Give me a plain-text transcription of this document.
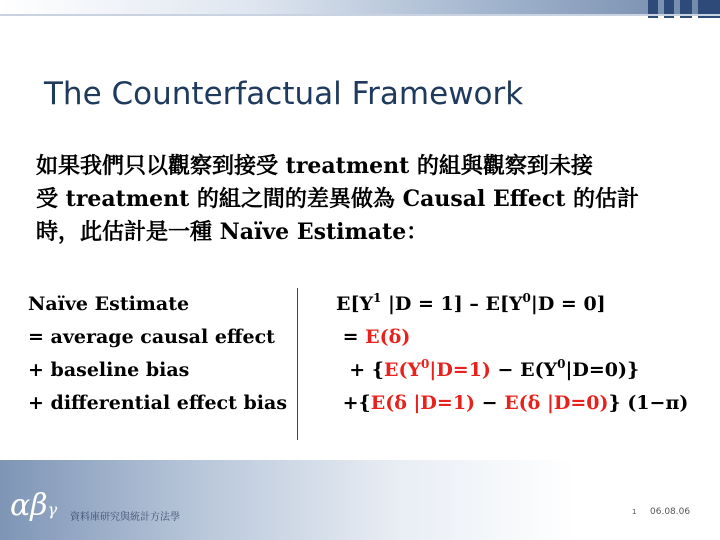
The Counterfactual Framework
如果我們只以觀察到接受 treatment 的組與觀察到未接
受 treatment 的組之間的差異做為 Causal Effect 的估計
時，此估計是一種 Naïve Estimate：
Naïve Estimate
= average causal effect
+ baseline bias
+ differential effect bias
$E[Y^1$ $|D = 1] - E[Y^0|D = 0]$
= E(δ)
+ $\{E(Y^0|D=1) - E(Y^0|D=0)\}$
+{E(δ |D=1) − E(δ |D=0)} (1−π)
αβγ 資料庫研究與統計方法學	1 06.08.06
